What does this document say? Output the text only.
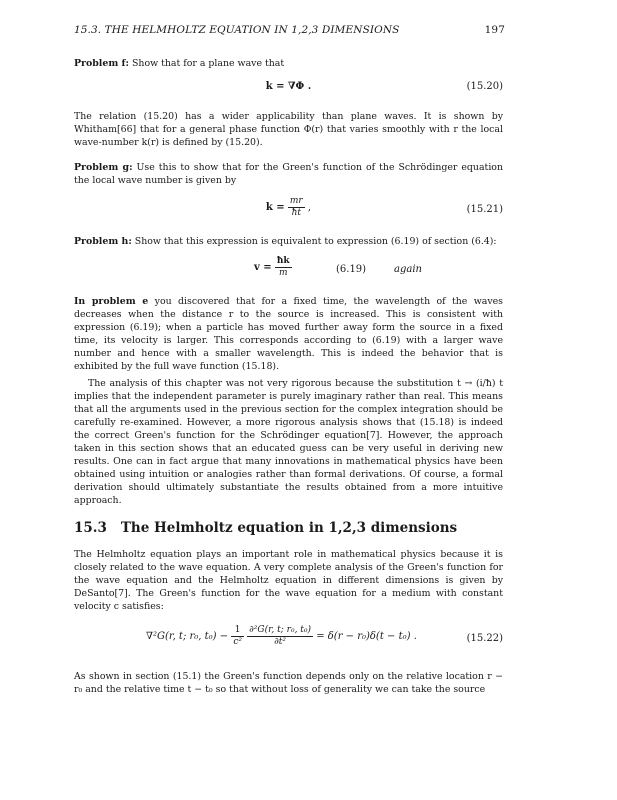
15.3. THE HELMHOLTZ EQUATION IN 1,2,3 DIMENSIONS	197
Problem f: Show that for a plane wave that
k = ∇Φ .	(15.20)
The relation (15.20) has a wider applicability than plane waves. It is shown by Whitham[66] that for a general phase function Φ(r) that varies smoothly with r the local wave-number k(r) is defined by (15.20).
Problem g: Use this to show that for the Green's function of the Schrödinger equation the local wave number is given by
$k = \frac{mr}{ħt}$ ,	(15.21)
Problem h: Show that this expression is equivalent to expression (6.19) of section (6.4):
$v = \frac{ħk}{m}$	(6.19)	again
In problem e you discovered that for a fixed time, the wavelength of the waves decreases when the distance r to the source is increased. This is consistent with expression (6.19); when a particle has moved further away form the source in a fixed time, its velocity is larger. This corresponds according to (6.19) with a larger wave number and hence with a smaller wavelength. This is indeed the behavior that is exhibited by the full wave function (15.18).
The analysis of this chapter was not very rigorous because the substitution t → (i/ħ) t implies that the independent parameter is purely imaginary rather than real. This means that all the arguments used in the previous section for the complex integration should be carefully re-examined. However, a more rigorous analysis shows that (15.18) is indeed the correct Green's function for the Schrödinger equation[7]. However, the approach taken in this section shows that an educated guess can be very useful in deriving new results. One can in fact argue that many innovations in mathematical physics have been obtained using intuition or analogies rather than formal derivations. Of course, a formal derivation should ultimately substantiate the results obtained from a more intuitive approach.
15.3 The Helmholtz equation in 1,2,3 dimensions
The Helmholtz equation plays an important role in mathematical physics because it is closely related to the wave equation. A very complete analysis of the Green's function for the wave equation and the Helmholtz equation in different dimensions is given by DeSanto[7]. The Green's function for the wave equation for a medium with constant velocity c satisfies:
∇²G(r, t; r₀, $t_0) - \frac{1}{\text{c²}}$
$\frac{\text{∂²G(r, t; r₀, t₀)}}{\text{∂t²}} = \delta(r - r_0)\delta(t - t_0)$ .	(15.22)
As shown in section (15.1) the Green's function depends only on the relative location r − r₀ and the relative time t − t₀ so that without loss of generality we can take the source
